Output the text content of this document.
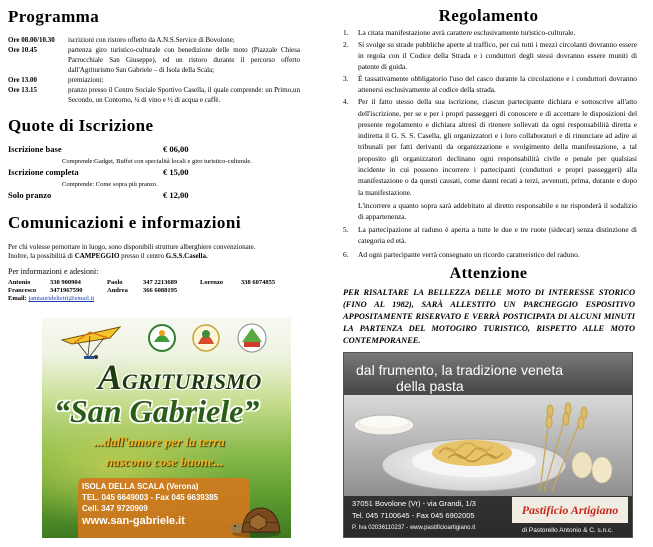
Programma
Ore 08.00/10.30	iscrizioni con ristoro offerto da A.N.S.Service di Bovolone;
Ore 10.45	partenza giro turistico-culturale con benedizione delle moto (Piazzale Chiesa Parrocchiale San Giuseppe), ed un ristoro durante il percorso offerto dall'Agriturismo San Gabriele – di Isola della Scala;
Ore 13.00	premiazioni;
Ore 13.15	pranzo presso il Centro Sociale Sportivo Casella, il quale comprende: un Primo,un Secondo, un Contorno, ¼ di vino e ½ di acqua e caffè.
Quote di Iscrizione
Iscrizione base	€ 06,00
Comprende:Gadget, Buffet con specialità locali e giro turistico-culturale.
Iscrizione completa	€ 15,00
Comprende: Come sopra più pranzo.
Solo pranzo	€ 12,00
Comunicazioni e informazioni
Per chi volesse pernottare in luogo, sono disponibili strutture alberghiere convenzionate.
Inoltre, la possibilità di CAMPEGGIO presso il centro G.S.S.Casella.
Per informazioni e adesioni:
Antonio	330 900904	Paolo	347 2213689	Lorenzo	338 6074855
Francesco 3471967590	Andrea 366 6088195
Email: jamtaurideltetri@email.it
AGRITURISMO
“San Gabriele”
...dall'amore per la terra
nascono cose buone...
ISOLA DELLA SCALA (Verona)
TEL. 045 6649003 - Fax 045 6639385
Cell. 347 9720909
www.san-gabriele.it
Regolamento
1.	La citata manifestazione avrà carattere esclusivamente turistico-culturale.
2.	Si svolge su strade pubbliche aperte al traffico, per cui tutti i mezzi circolanti dovranno essere in regola con il Codice della Strada e i conduttori degli stessi dovranno essere muniti di patente di guida.
3.	È tassativamente obbligatorio l'uso del casco durante la circolazione e i conduttori dovranno attenersi esclusivamente al codice della strada.
4.	Per il fatto stesso della sua iscrizione, ciascun partecipante dichiara e sottoscrive all'atto dell'iscrizione, per se e per i propri passeggeri di conoscere e di accettare le disposizioni del presente regolamento e dichiara altresì di ritenere sollevati da ogni responsabilità diretta e indiretta il G. S. S. Casella, gli organizzatori e i loro collaboratori e di rinunciare ad adire ai tribunali per fatti derivanti da organizzazione e svolgimento della manifestazione, a tal proposito gli organizzatori declinano ogni responsabilità civile e penale per qualsiasi incidente in cui possono incorrere i partecipanti (conduttori e propri passeggeri) alla manifestazione o da questi causati, come danni recati a terzi, avvenuti, prima, durante e dopo la manifestazione.
L'incorrere a quanto sopra sarà addebitato al diretto responsabile e ne risponderà il sodalizio di appartenenza.
5.	La partecipazione al raduno è aperta a tutte le due e tre ruote (sidecar) senza distinzione di categoria ed età.
6.	Ad ogni partecipante verrà consegnato un ricordo caratteristico del raduno.
Attenzione
PER RISALTARE LA BELLEZZA DELLE MOTO DI INTERESSE STORICO (FINO AL 1982), SARÀ ALLESTITO UN PARCHEGGIO ESPOSITIVO APPOSITAMENTE RISERVATO E VERRÀ POSTICIPATA DI ALCUNI MINUTI LA PARTENZA DEL MOTOGIRO TURISTICO, RISPETTO ALLE MOTO CONTEMPORANEE.
dal frumento, la tradizione veneta
della pasta
37051 Bovolone (Vr) - via Grandi, 1/3
Tel. 045 7100645 - Fax 045 6902005
P. Iva 02036110237 - www.pastificioartigiano.it
Pastificio Artigiano
di Pastorello Antonio & C. s.n.c.
